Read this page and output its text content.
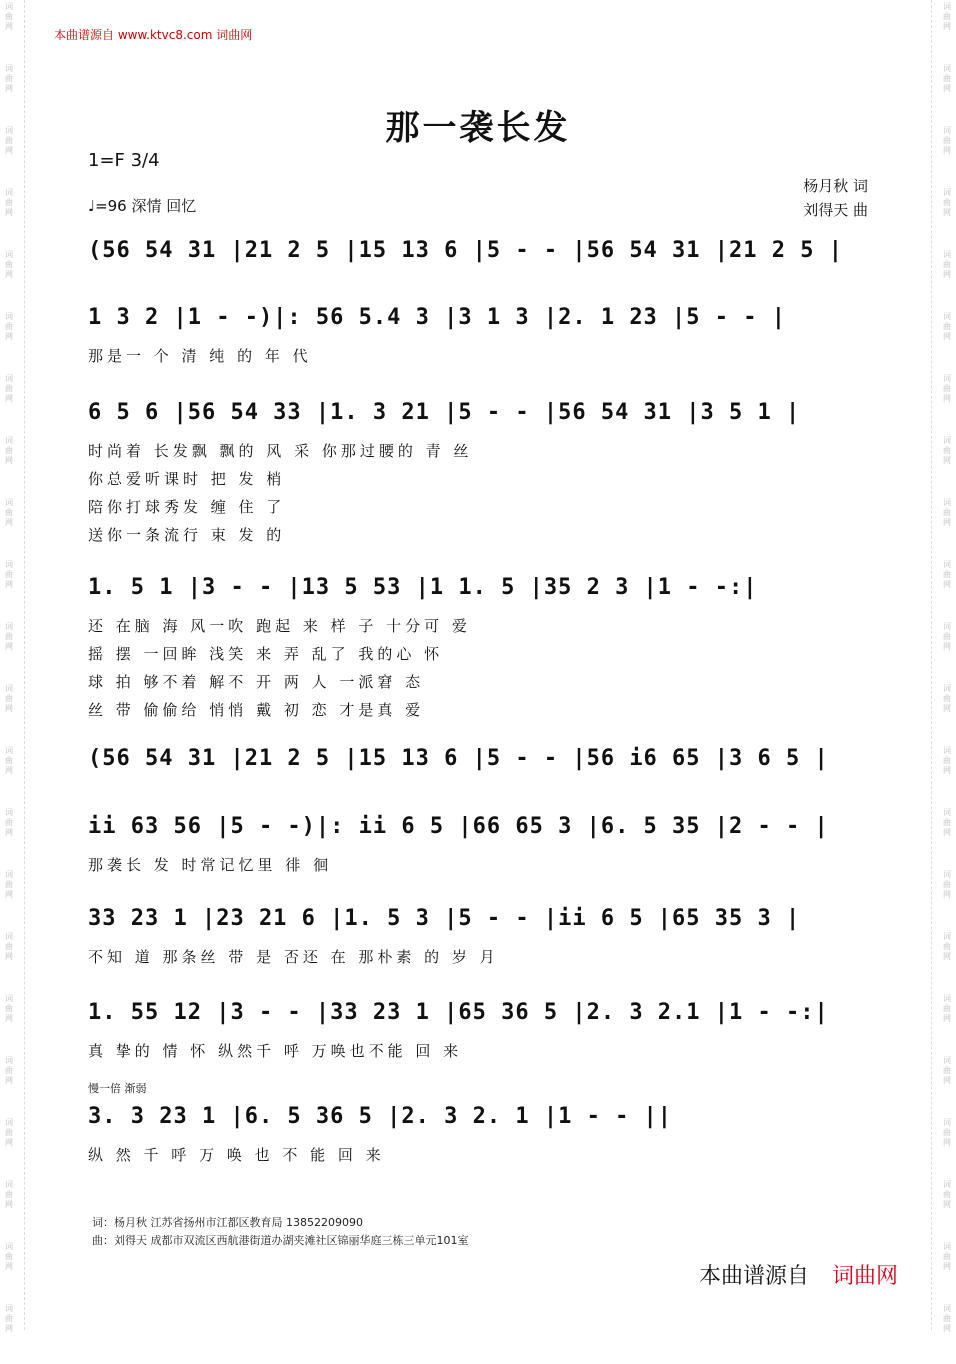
词
曲
网
词
曲
网
词
曲
网
词
曲
网
词
曲
网
词
曲
网
词
曲
网
词
曲
网
词
曲
网
词
曲
网
词
曲
网
词
曲
网
词
曲
网
词
曲
网
词
曲
网
词
曲
网
词
曲
网
词
曲
网
词
曲
网
词
曲
网
词
曲
网
词
曲
网
词
曲
网
词
曲
网
词
曲
网
词
曲
网
词
曲
网
词
曲
网
词
曲
网
词
曲
网
词
曲
网
词
曲
网
词
曲
网
词
曲
网
词
曲
网
词
曲
网
词
曲
网
词
曲
网
词
曲
网
词
曲
网
词
曲
网
词
曲
网
词
曲
网
词
曲
网
本曲谱源自 www.ktvc8.com 词曲网
那一袭长发
1=F 3/4
♩=96 深情 回忆
杨月秋 词
刘得天 曲
(56 54 31 |21 2 5 |15 13 6 |5 - - |56 54 31 |21 2 5 |
1 3 2 |1 - -)|: 56 5.4 3 |3 1 3 |2. 1 23 |5 - - |
那是一 个 清 纯 的 年 代
6 5 6 |56 54 33 |1. 3 21 |5 - - |56 54 31 |3 5 1 |
时尚着 长发飘 飘的 风 采 你那过腰的 青 丝
你总爱听课时 把 发 梢
陪你打球秀发 缠 住 了
送你一条流行 束 发 的
1. 5 1 |3 - - |13 5 53 |1 1. 5 |35 2 3 |1 - -:|
还 在脑 海 风一吹 跑起 来 样 子 十分可 爱
摇 摆 一回眸 浅笑 来 弄 乱了 我的心 怀
球 拍 够不着 解不 开 两 人 一派窘 态
丝 带 偷偷给 悄悄 戴 初 恋 才是真 爱
(56 54 31 |21 2 5 |15 13 6 |5 - - |56 i6 65 |3 6 5 |
ii 63 56 |5 - -)|: ii 6 5 |66 65 3 |6. 5 35 |2 - - |
那袭长 发 时常记忆里 徘 徊
33 23 1 |23 21 6 |1. 5 3 |5 - - |ii 6 5 |65 35 3 |
不知 道 那条丝 带 是 否还 在 那朴素 的 岁 月
1. 55 12 |3 - - |33 23 1 |65 36 5 |2. 3 2.1 |1 - -:|
真 挚的 情 怀 纵然千 呼 万唤也不能 回 来
慢一倍 渐弱
3. 3 23 1 |6. 5 36 5 |2. 3 2. 1 |1 - - ||
纵 然 千 呼 万 唤 也 不 能 回 来
词：杨月秋 江苏省扬州市江都区教育局 13852209090
曲：刘得天 成都市双流区西航港街道办湖夹滩社区锦丽华庭三栋三单元101室
本曲谱源自 词曲网
